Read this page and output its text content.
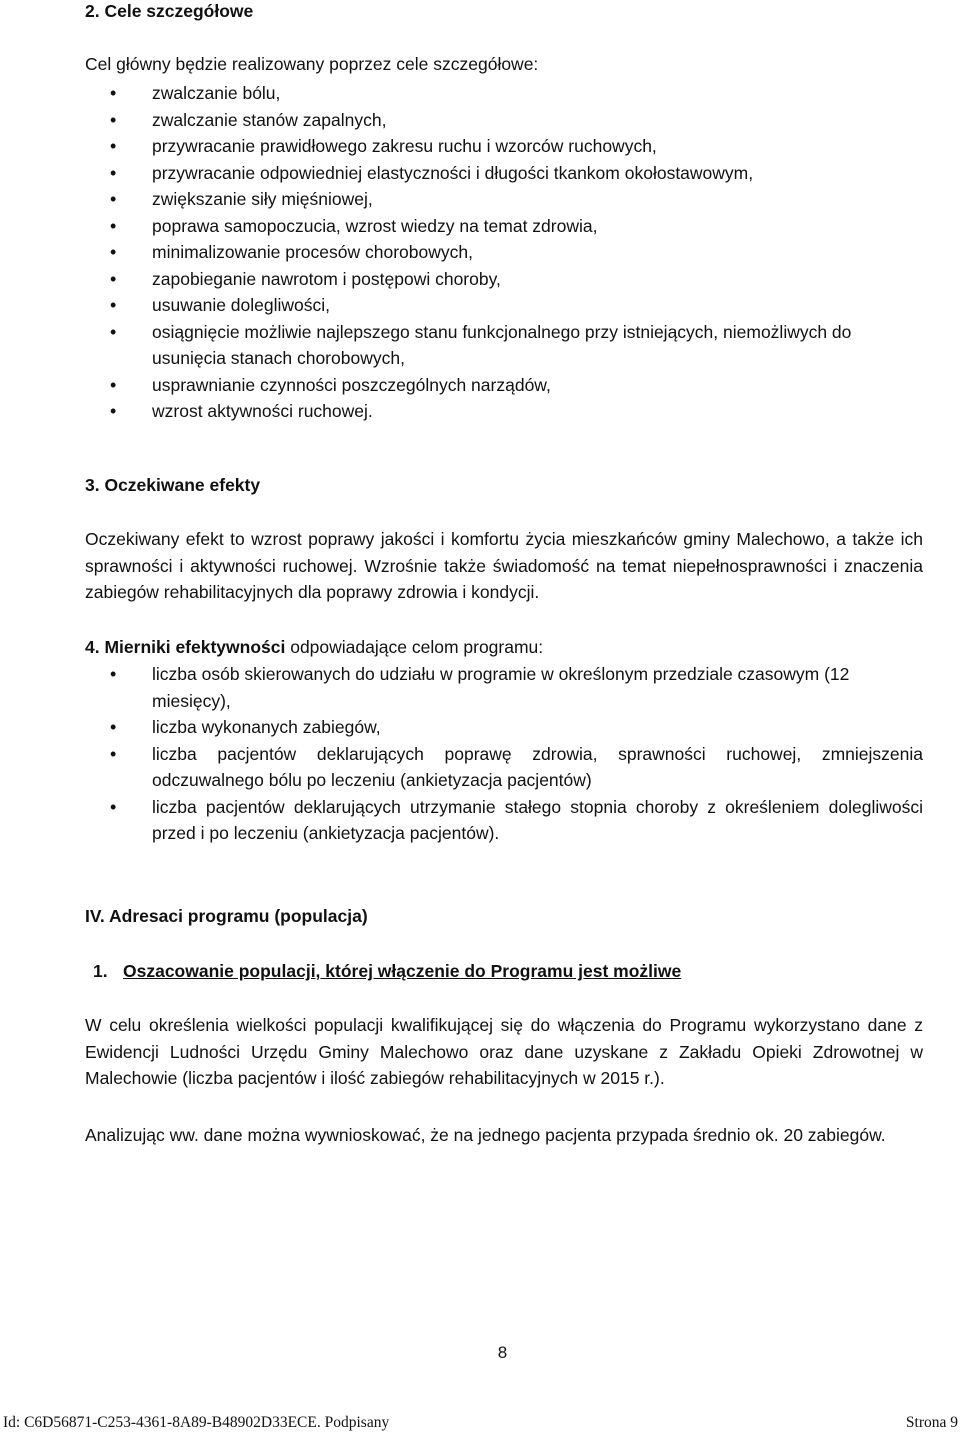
2. Cele szczegółowe
Cel główny będzie realizowany poprzez cele szczegółowe:
• zwalczanie bólu,
• zwalczanie stanów zapalnych,
• przywracanie prawidłowego zakresu ruchu i wzorców ruchowych,
• przywracanie odpowiedniej elastyczności i długości tkankom okołostawowym,
• zwiększanie siły mięśniowej,
• poprawa samopoczucia, wzrost wiedzy na temat zdrowia,
• minimalizowanie procesów chorobowych,
• zapobieganie nawrotom i postępowi choroby,
• usuwanie dolegliwości,
• osiągnięcie możliwie najlepszego stanu funkcjonalnego przy istniejących, niemożliwych do usunięcia stanach chorobowych,
• usprawnianie czynności poszczególnych narządów,
• wzrost aktywności ruchowej.
3. Oczekiwane efekty
Oczekiwany efekt to wzrost poprawy jakości i komfortu życia mieszkańców gminy Malechowo, a także ich sprawności i aktywności ruchowej. Wzrośnie także świadomość na temat niepełnosprawności i znaczenia zabiegów rehabilitacyjnych dla poprawy zdrowia i kondycji.
4. Mierniki efektywności odpowiadające celom programu:
• liczba osób skierowanych do udziału w programie w określonym przedziale czasowym (12 miesięcy),
• liczba wykonanych zabiegów,
• liczba pacjentów deklarujących poprawę zdrowia, sprawności ruchowej, zmniejszenia odczuwalnego bólu po leczeniu (ankietyzacja pacjentów)
• liczba pacjentów deklarujących utrzymanie stałego stopnia choroby z określeniem dolegliwości przed i po leczeniu (ankietyzacja pacjentów).
IV. Adresaci programu (populacja)
1. Oszacowanie populacji, której włączenie do Programu jest możliwe
W celu określenia wielkości populacji kwalifikującej się do włączenia do Programu wykorzystano dane z Ewidencji Ludności Urzędu Gminy Malechowo oraz dane uzyskane z Zakładu Opieki Zdrowotnej w Malechowie (liczba pacjentów i ilość zabiegów rehabilitacyjnych w 2015 r.).
Analizując ww. dane można wywnioskować, że na jednego pacjenta przypada średnio ok. 20 zabiegów.
8
Id: C6D56871-C253-4361-8A89-B48902D33ECE. Podpisany	Strona 9
